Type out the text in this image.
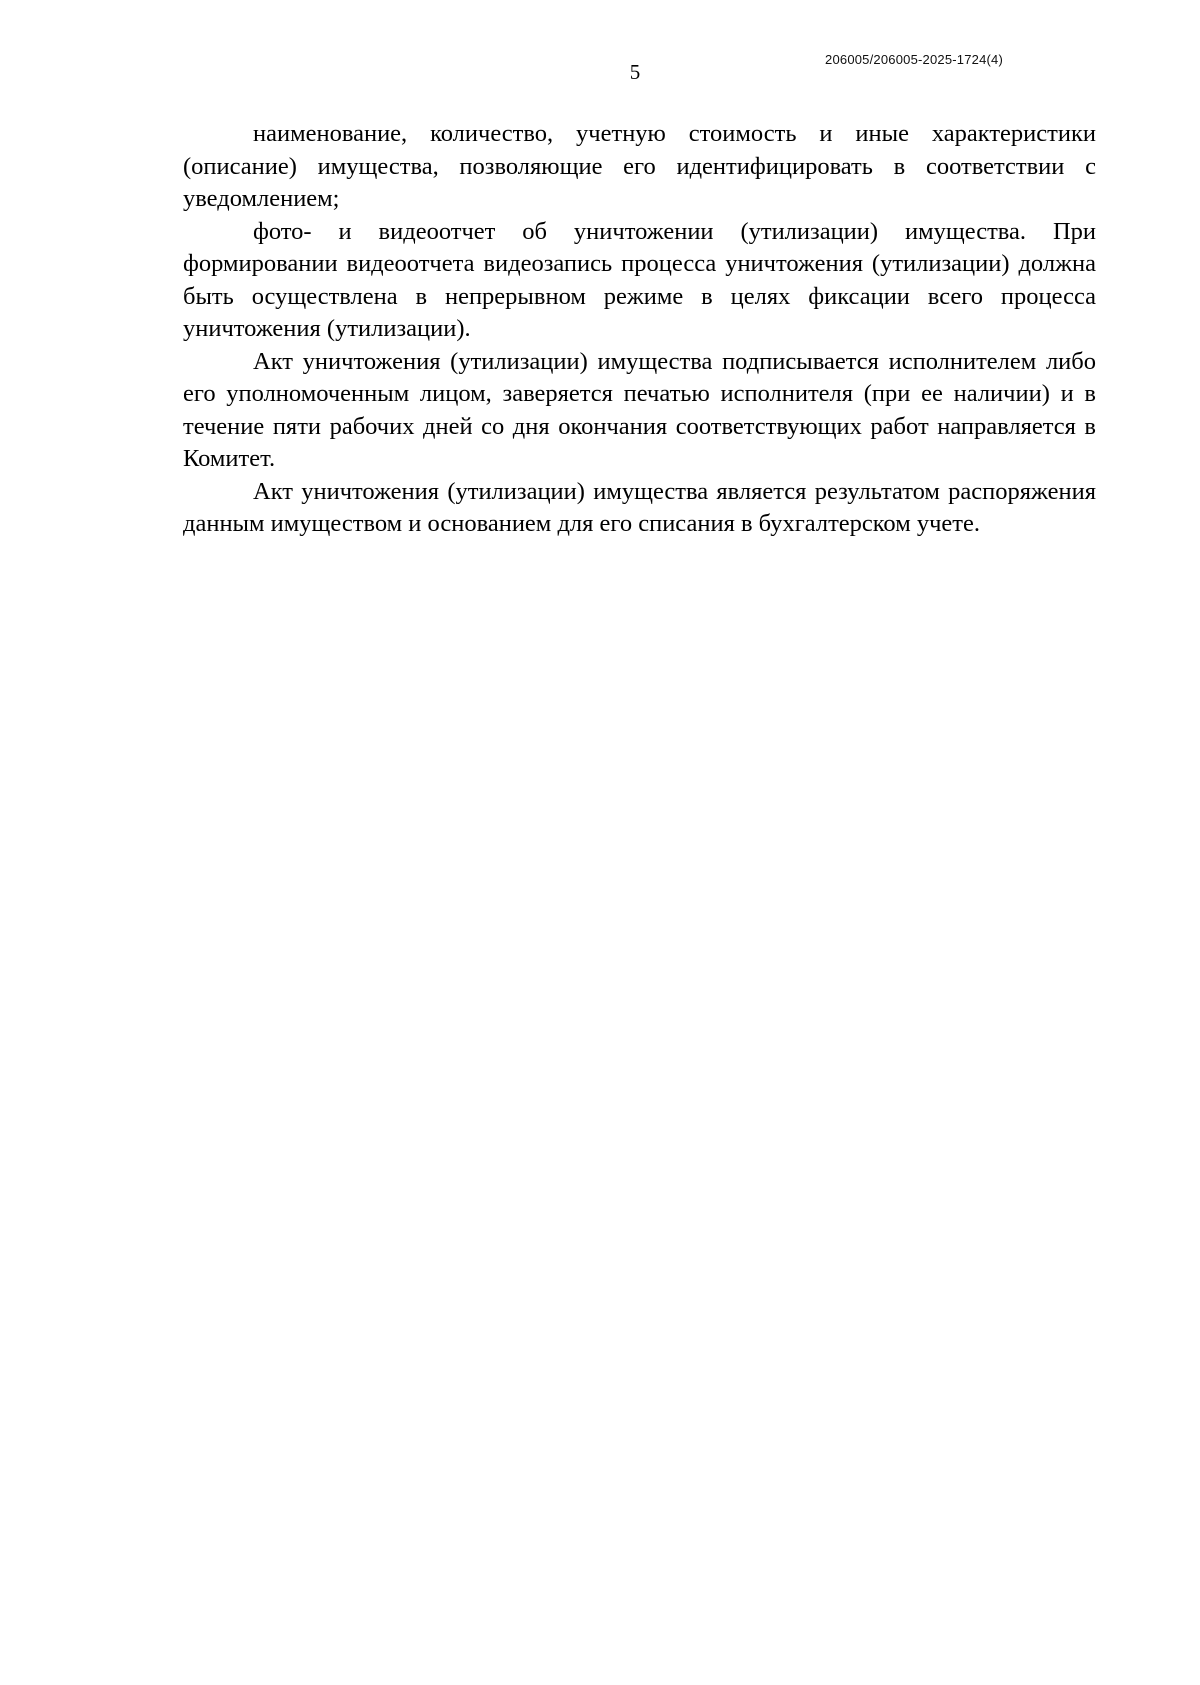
206005/206005-2025-1724(4)
5

наименование, количество, учетную стоимость и иные характеристики (описание) имущества, позволяющие его идентифицировать в соответствии с уведомлением;

фото- и видеоотчет об уничтожении (утилизации) имущества. При формировании видеоотчета видеозапись процесса уничтожения (утилизации) должна быть осуществлена в непрерывном режиме в целях фиксации всего процесса уничтожения (утилизации).

Акт уничтожения (утилизации) имущества подписывается исполнителем либо его уполномоченным лицом, заверяется печатью исполнителя (при ее наличии) и в течение пяти рабочих дней со дня окончания соответствующих работ направляется в Комитет.

Акт уничтожения (утилизации) имущества является результатом распоряжения данным имуществом и основанием для его списания в бухгалтерском учете.
